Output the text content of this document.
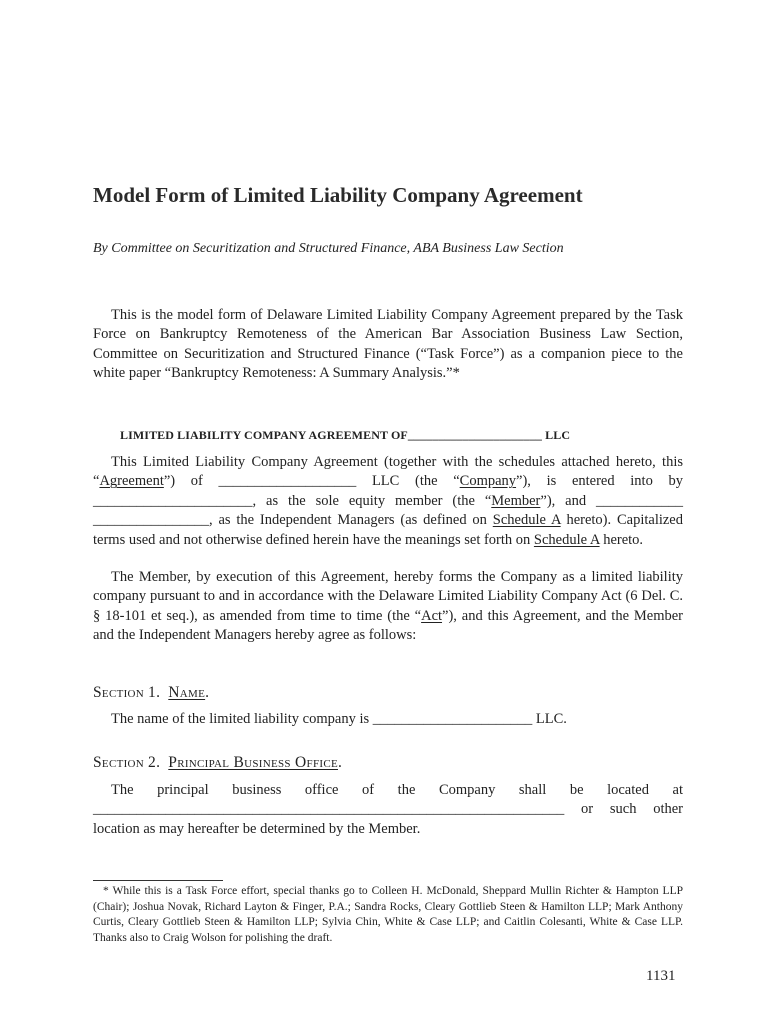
Model Form of Limited Liability Company Agreement
By Committee on Securitization and Structured Finance, ABA Business Law Section

This is the model form of Delaware Limited Liability Company Agreement prepared by the Task Force on Bankruptcy Remoteness of the American Bar Association Business Law Section, Committee on Securitization and Structured Finance (“Task Force”) as a companion piece to the white paper “Bankruptcy Remoteness: A Summary Analysis.”*

LIMITED LIABILITY COMPANY AGREEMENT OF______________________ LLC

This Limited Liability Company Agreement (together with the schedules attached hereto, this “Agreement”) of ___________________ LLC (the “Company”), is entered into by ______________________, as the sole equity member (the “Member”), and ____________ ________________, as the Independent Managers (as defined on Schedule A hereto). Capitalized terms used and not otherwise defined herein have the meanings set forth on Schedule A hereto.

The Member, by execution of this Agreement, hereby forms the Company as a limited liability company pursuant to and in accordance with the Delaware Limited Liability Company Act (6 Del. C. § 18-101 et seq.), as amended from time to time (the “Act”), and this Agreement, and the Member and the Independent Managers hereby agree as follows:

Section 1. Name.
The name of the limited liability company is ______________________ LLC.
Section 2. Principal Business Office.

The principal business office of the Company shall be located at _________________________________________________________________ or such other location as may hereafter be determined by the Member.

* While this is a Task Force effort, special thanks go to Colleen H. McDonald, Sheppard Mullin Richter & Hampton LLP (Chair); Joshua Novak, Richard Layton & Finger, P.A.; Sandra Rocks, Cleary Gottlieb Steen & Hamilton LLP; Mark Anthony Curtis, Cleary Gottlieb Steen & Hamilton LLP; Sylvia Chin, White & Case LLP; and Caitlin Colesanti, White & Case LLP. Thanks also to Craig Wolson for polishing the draft.

1131
